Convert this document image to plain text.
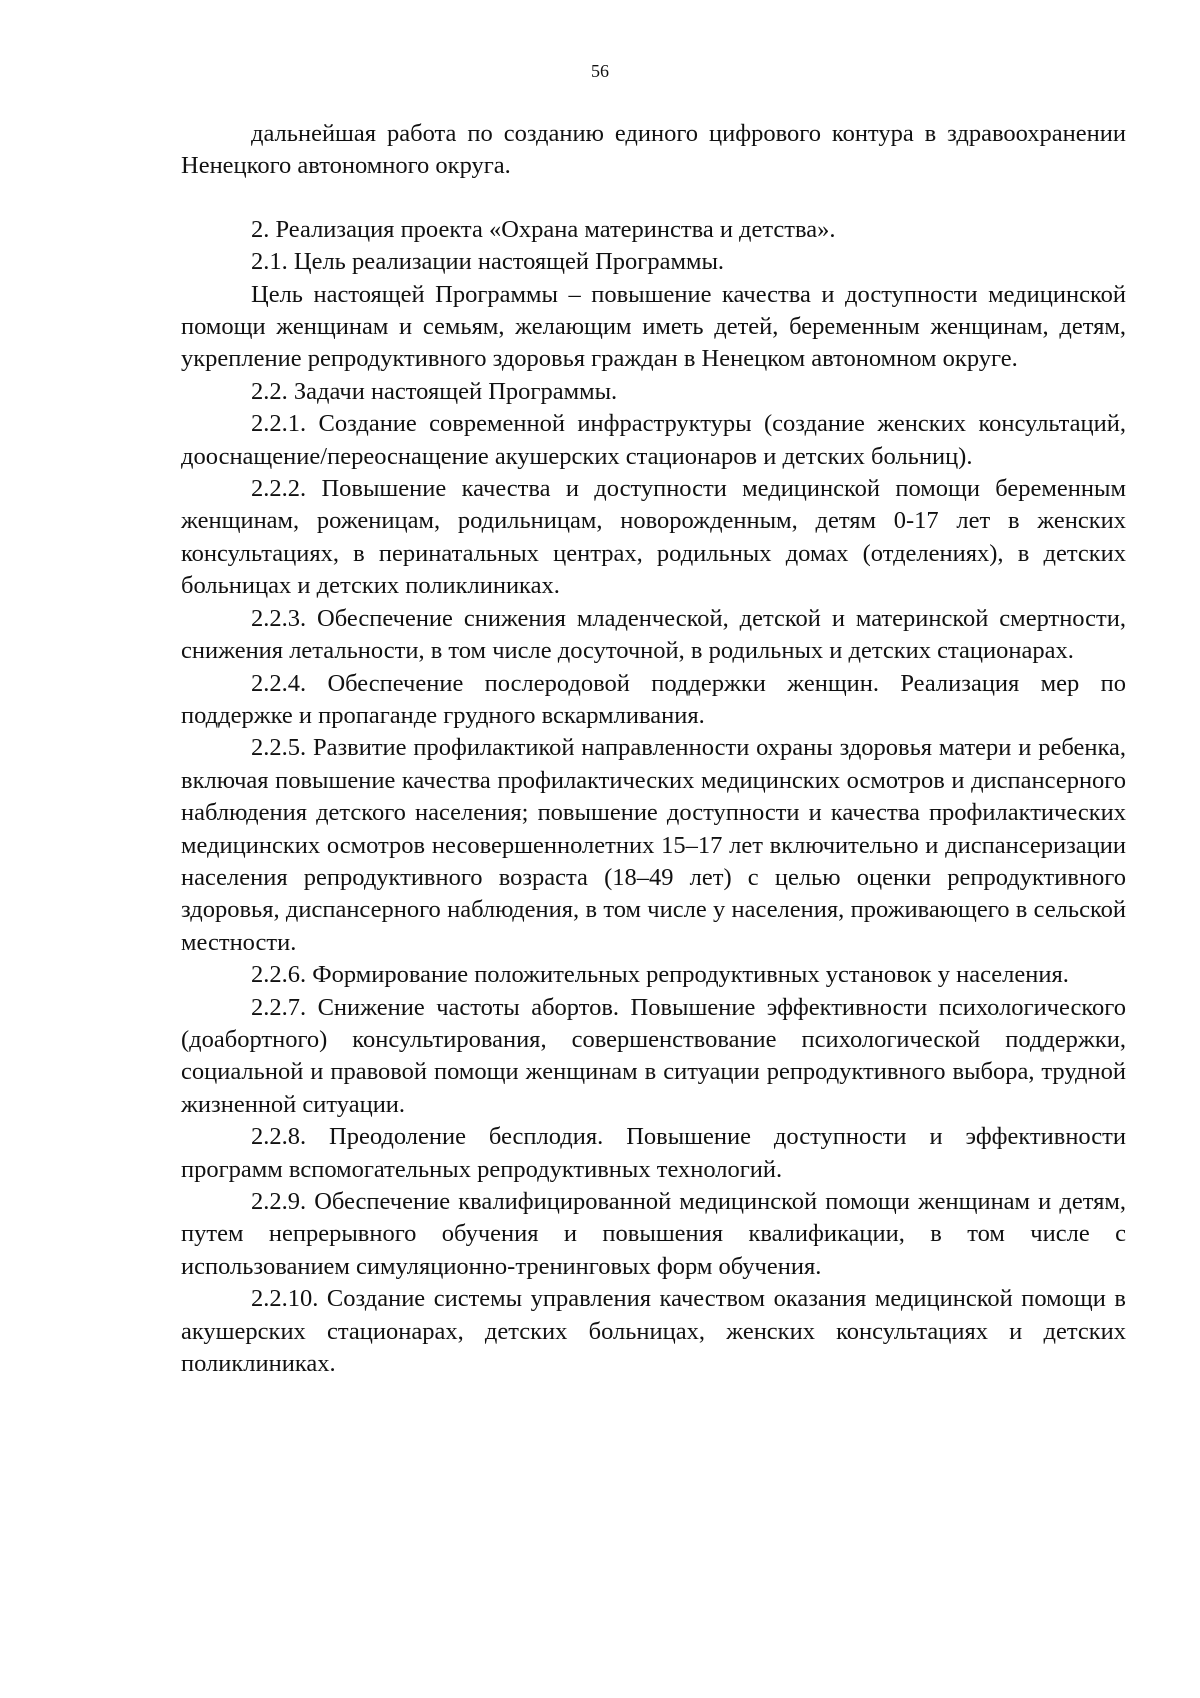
56

дальнейшая работа по созданию единого цифрового контура в здравоохранении Ненецкого автономного округа.

2. Реализация проекта «Охрана материнства и детства».

2.1. Цель реализации настоящей Программы.

Цель настоящей Программы – повышение качества и доступности медицинской помощи женщинам и семьям, желающим иметь детей, беременным женщинам, детям, укрепление репродуктивного здоровья граждан в Ненецком автономном округе.

2.2. Задачи настоящей Программы.

2.2.1. Создание современной инфраструктуры (создание женских консультаций, дооснащение/переоснащение акушерских стационаров и детских больниц).

2.2.2. Повышение качества и доступности медицинской помощи беременным женщинам, роженицам, родильницам, новорожденным, детям 0-17 лет в женских консультациях, в перинатальных центрах, родильных домах (отделениях), в детских больницах и детских поликлиниках.

2.2.3. Обеспечение снижения младенческой, детской и материнской смертности, снижения летальности, в том числе досуточной, в родильных и детских стационарах.

2.2.4. Обеспечение послеродовой поддержки женщин. Реализация мер по поддержке и пропаганде грудного вскармливания.

2.2.5. Развитие профилактикой направленности охраны здоровья матери и ребенка, включая повышение качества профилактических медицинских осмотров и диспансерного наблюдения детского населения; повышение доступности и качества профилактических медицинских осмотров несовершеннолетних 15–17 лет включительно и диспансеризации населения репродуктивного возраста (18–49 лет) с целью оценки репродуктивного здоровья, диспансерного наблюдения, в том числе у населения, проживающего в сельской местности.

2.2.6. Формирование положительных репродуктивных установок у населения.

2.2.7. Снижение частоты абортов. Повышение эффективности психологического (доабортного) консультирования, совершенствование психологической поддержки, социальной и правовой помощи женщинам в ситуации репродуктивного выбора, трудной жизненной ситуации.

2.2.8. Преодоление бесплодия. Повышение доступности и эффективности программ вспомогательных репродуктивных технологий.

2.2.9. Обеспечение квалифицированной медицинской помощи женщинам и детям, путем непрерывного обучения и повышения квалификации, в том числе с использованием симуляционно-тренинговых форм обучения.

2.2.10. Создание системы управления качеством оказания медицинской помощи в акушерских стационарах, детских больницах, женских консультациях и детских поликлиниках.
